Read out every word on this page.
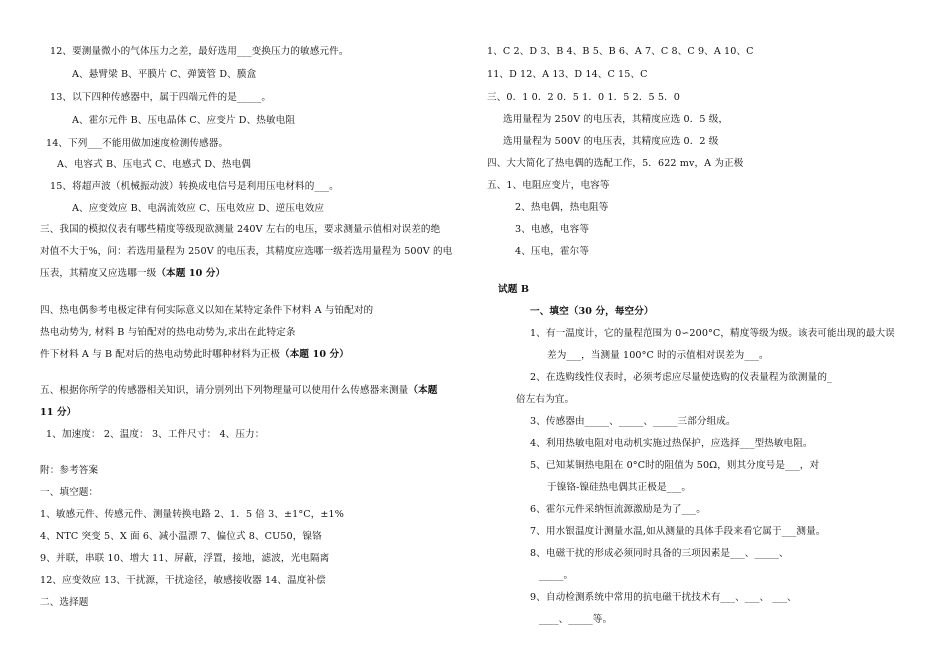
12、要测量微小的气体压力之差，最好选用___变换压力的敏感元件。
A、悬臂梁 B、平膜片 C、弹簧管 D、膜盒
13、以下四种传感器中，属于四端元件的是_____。
A、霍尔元件 B、压电晶体 C、应变片 D、热敏电阻
14、下列___不能用做加速度检测传感器。
A、电容式 B、压电式 C、电感式 D、热电偶
15、将超声波（机械振动波）转换成电信号是利用压电材料的___。
A、应变效应 B、电涡流效应 C、压电效应 D、逆压电效应
三、我国的模拟仪表有哪些精度等级现欲测量 240V 左右的电压，要求测量示值相对误差的绝
对值不大于%，问：若选用量程为 250V 的电压表，其精度应选哪一级若选用量程为 500V 的电
压表，其精度又应选哪一级（本题 10 分）
四、热电偶参考电极定律有何实际意义以知在某特定条件下材料 A 与铂配对的
热电动势为, 材料 B 与铂配对的热电动势为,求出在此特定条
件下材料 A 与 B 配对后的热电动势此时哪种材料为正极（本题 10 分）
五、根据你所学的传感器相关知识，请分别列出下列物理量可以使用什么传感器来测量（本题
11 分）
1、加速度： 2、温度： 3、工件尺寸： 4、压力：
附：参考答案
一、填空题：
1、敏感元件、传感元件、测量转换电路 2、1．5 倍 3、±1°C，±1%
4、NTC 突变 5、X 面 6、减小温漂 7、偏位式 8、CU50，镍铬
9、并联，串联 10、增大 11、屏蔽，浮置，接地，滤波，光电隔离
12、应变效应 13、干扰源，干扰途径，敏感接收器 14、温度补偿
二、选择题
1、C 2、D 3、B 4、B 5、B 6、A 7、C 8、C 9、A 10、C
11、D 12、A 13、D 14、C 15、C
三、0．1 0．2 0．5 1．0 1．5 2．5 5．0
选用量程为 250V 的电压表，其精度应选 0．5 级，
选用量程为 500V 的电压表，其精度应选 0．2 级
四、大大简化了热电偶的选配工作，5．622 mv，A 为正极
五、1、电阻应变片，电容等
2、热电偶，热电阻等
3、电感，电容等
4、压电，霍尔等
试题 B
一、填空（30 分，每空分）
1、有一温度计，它的量程范围为 0∽200°C，精度等级为级。该表可能出现的最大误
差为___，当测量 100°C 时的示值相对误差为___。
2、在选购线性仪表时，必须考虑应尽量使选购的仪表量程为欲测量的_
倍左右为宜。
3、传感器由_____、_____、_____三部分组成。
4、利用热敏电阻对电动机实施过热保护，应选择___型热敏电阻。
5、已知某铜热电阻在 0°C时的阻值为 50Ω，则其分度号是___，对
于镍铬-镍硅热电偶其正极是___。
6、霍尔元件采纳恒流源激励是为了___。
7、用水银温度计测量水温,如从测量的具体手段来看它属于___测量。
8、电磁干扰的形成必须同时具备的三项因素是___、_____、
_____。
9、自动检测系统中常用的抗电磁干扰技术有___、___、 ___、
____、_____等。
